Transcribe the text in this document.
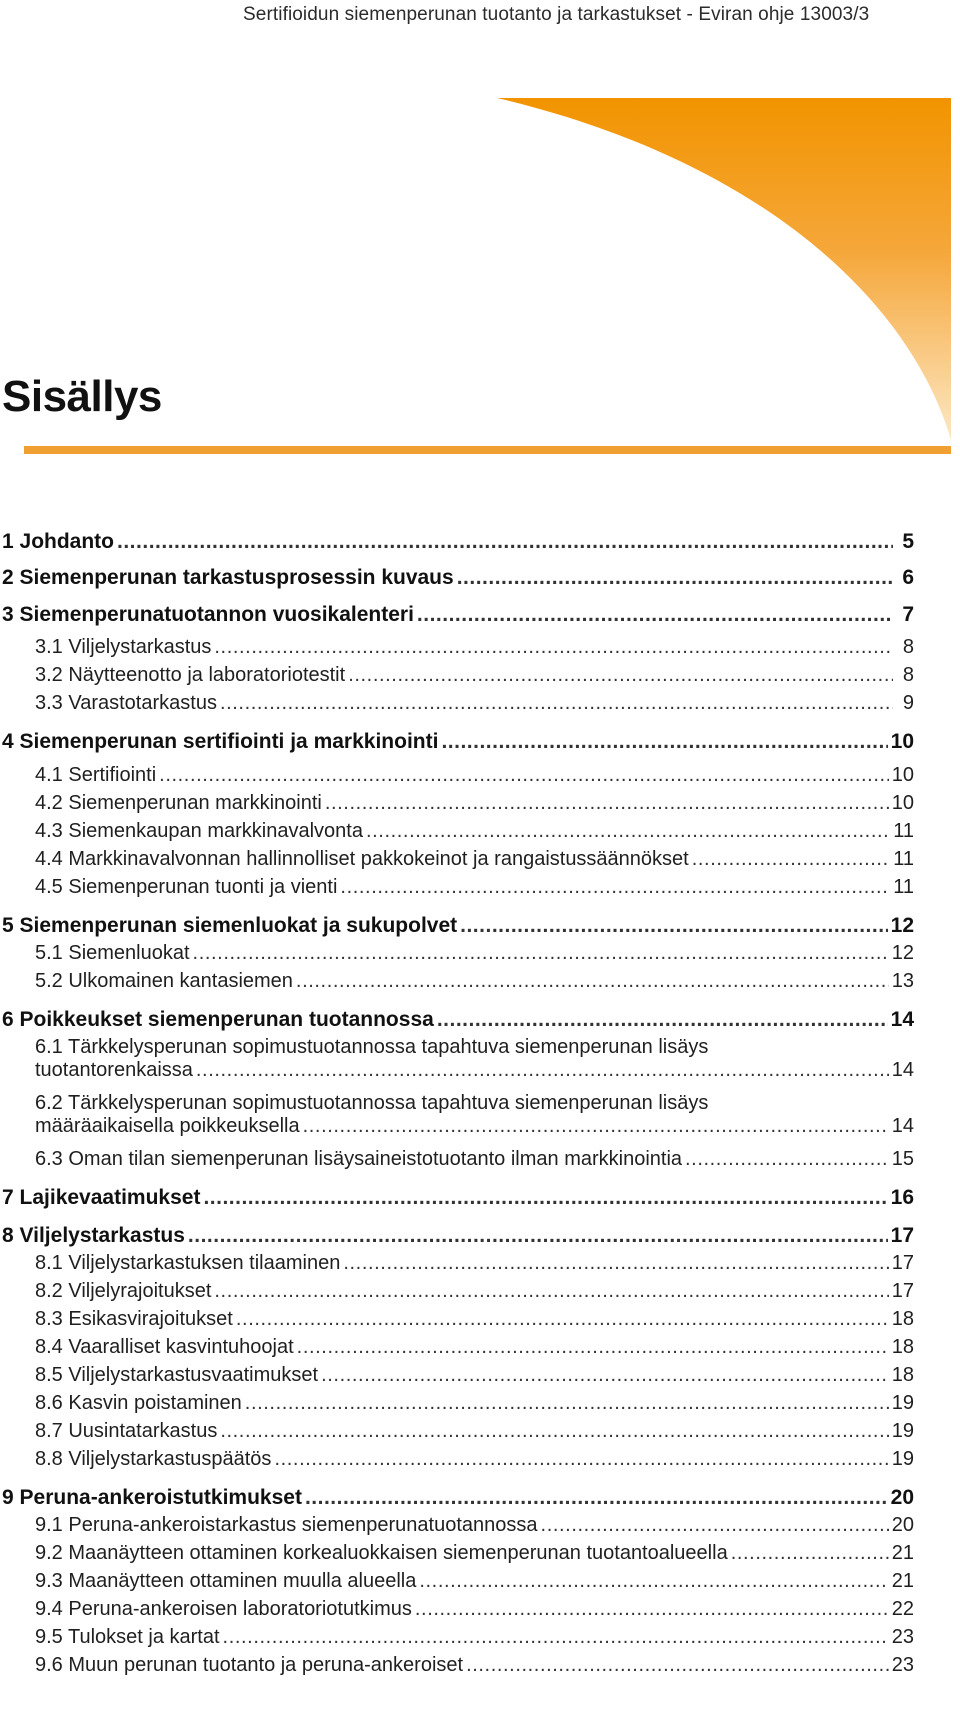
Sertifioidun siemenperunan tuotanto ja tarkastukset - Eviran ohje 13003/3
Sisällys
1 Johdanto .....	5
2 Siemenperunan tarkastusprosessin kuvaus .....	6
3 Siemenperunatuotannon vuosikalenteri .....	7
3.1 Viljelystarkastus .....	8
3.2 Näytteenotto ja laboratoriotestit .....	8
3.3 Varastotarkastus .....	9
4 Siemenperunan sertifiointi ja markkinointi .....	10
4.1 Sertifiointi .....	10
4.2 Siemenperunan markkinointi .....	10
4.3 Siemenkaupan markkinavalvonta .....	11
4.4 Markkinavalvonnan hallinnolliset pakkokeinot ja rangaistussäännökset .....	11
4.5 Siemenperunan tuonti ja vienti .....	11
5 Siemenperunan siemenluokat ja sukupolvet .....	12
5.1 Siemenluokat .....	12
5.2 Ulkomainen kantasiemen .....	13
6 Poikkeukset siemenperunan tuotannossa .....	14
6.1 Tärkkelysperunan sopimustuotannossa tapahtuva siemenperunan lisäys
tuotantorenkaissa .....	14
6.2 Tärkkelysperunan sopimustuotannossa tapahtuva siemenperunan lisäys
määräaikaisella poikkeuksella .....	14
6.3 Oman tilan siemenperunan lisäysaineistotuotanto ilman markkinointia .....	15
7 Lajikevaatimukset .....	16
8 Viljelystarkastus .....	17
8.1 Viljelystarkastuksen tilaaminen .....	17
8.2 Viljelyrajoitukset .....	17
8.3 Esikasvirajoitukset .....	18
8.4 Vaaralliset kasvintuhoojat .....	18
8.5 Viljelystarkastusvaatimukset .....	18
8.6 Kasvin poistaminen .....	19
8.7 Uusintatarkastus .....	19
8.8 Viljelystarkastuspäätös .....	19
9 Peruna-ankeroistutkimukset .....	20
9.1 Peruna-ankeroistarkastus siemenperunatuotannossa .....	20
9.2 Maanäytteen ottaminen korkealuokkaisen siemenperunan tuotantoalueella .....	21
9.3 Maanäytteen ottaminen muulla alueella .....	21
9.4 Peruna-ankeroisen laboratoriotutkimus .....	22
9.5 Tulokset ja kartat .....	23
9.6 Muun perunan tuotanto ja peruna-ankeroiset .....	23
